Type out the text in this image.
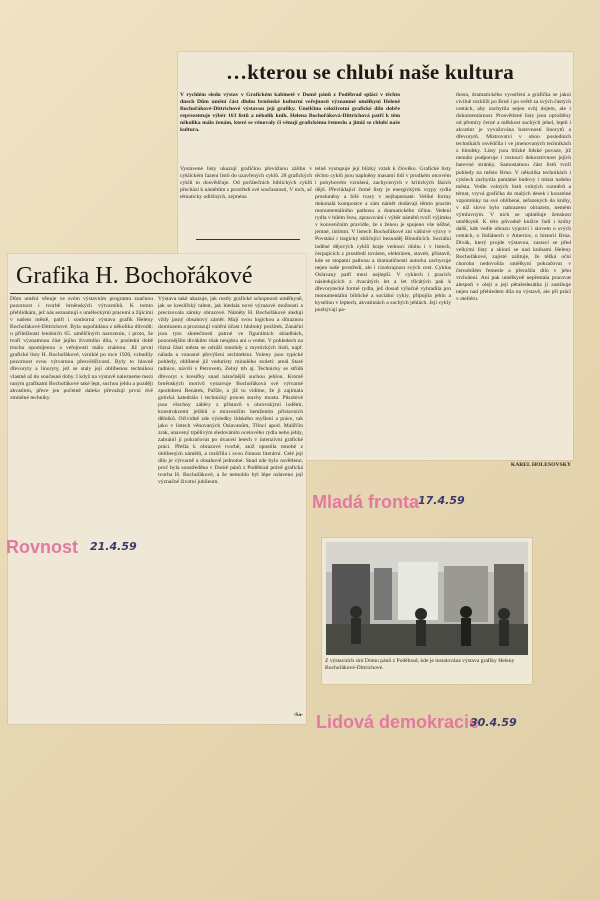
…kterou se chlubí naše kultura
V rychlém sledu výstav v Grafickém kabinetě v Domě pánů z Poděbrad splácí v těchto dnech Dům umění část dluhu brněnské kulturní veřejnosti významné umělkyni Heleně Bochořákové-Dittrichové výstavou její grafiky. Umělčino celoživotní grafické dílo dobře reprezentuje výběr 163 listů a několik knih. Helena Bochořáková-Dittrichová patří k těm několika málo ženám, které se věnovaly či věnují grafickému řemeslu a jimiž se chlubí naše kultura.
Vystavené listy ukazují grafičinu převážnou zálibu v cyklickém řazení listů do uzavřených cyklů. 28 grafických cyklů to dosvědčuje. Od počátečních biblických cyklů přechází k námětům z prostředí své současnosti, V nich, ač tématicky odlišných, zejména
telně vystupuje její blízký vztah k člověku. Grafické listy těchto cyklů jsou naplněny masami lidí v prudkém otcovém i pohybovém vzrušení, zachycených v kritických fázích dějů. Převládající černé listy je energickými vrypy rydla prosluněny a bílé tvary v nejšupernaté. Veliké formy dokonalá komposice a sám námět dodávají těmto pracím monumentálního pathosu a dramatického účinu. Vedení rydla v bílém řezu, zpracování i výběr námětů tvoří výjimku v konvenčním pravidle, že s ženou je spojeno vše něžné, jemné, intimní. V listech Bochořákové zní vášnivé výzvy v Povstání i tragický skličující beznaděj Bloudících. Sociální laděné dějových cyklů hraje vedoucí úlohu i v listech, čerpajících z prostředí továren, elektráren, staveb, přístavů, kde se stopami pathosu a dramatičnosti autorka zachycuje nejen naše prostředí, ale i cizokrajnost svých cest. Cyklus Oslavany patří mezi nejlepší. V cyklech i pracích následujících z dvacátých let a let třicátých pak k dřevorytecké formě rydla, jež dosud výlučně vyhradila pro monumentální biblické a sociální cykly, připojila jehlu a kyselinu v leptech, akvatintách a suchých jehlách. Její cykly pozbývají pa-
thosu, dramatického vyostření a grafička se jakoi civilně rozhlíží po Brně i po světě za svých častých cestách, aby zachytila nejen svůj dojem, ale i dokumentárnost. Prosvětlené listy jsou oproštěny od přemíry černé a měkkost suchých jehel, leptů i akvatint je vyvažována barevností linorytů a dřevorytů. Mistrovství v obou posledních technikách osvědčila i ve jmenovaných technikách z hloubky. Listy jsou blízké lidské povaze, jíž nemálo podporuje i rostoucí dekorativnost jejích barevné stránky. Samostatnou část listů tvoří pohledy na město Brno. V několika technikách i cyklech zachytila památné budovy i místa našeho města. Vedle volných listů volných rozměrů a témat, vryvá grafička do malých desek i kouzelné vzpomínky na své oblíbené, seřazených do knihy, v níž slovo bylo nahrazeno obrazem, nemém výmluvným. V nich se uplatňuje ženskost umělkyně. K této původně knižce řadí i knihy další, kde vedle obrazu vypráví i slovem o svých cestách, o Indiánech v Americe, o historii Brna. Divák, který projde výstavou, zastaví se před velkými listy a skloní se nad knihami Heleny Bochořákové, zajisté zalituje, že těžká oční choroba nedovolila umělkyni pokračovat v černobílém řemesle a přerušila dílo v jeho vrcholení. Ani pak umělkyně nepřestala pracovat alespoň v olejí a její pětašedesátka ji zastihuje nejen nad přehledem díla na výstavě, ale při práci v ateliéru.
KAREL HOLEŠOVSKÝ
Grafika H. Bochořákové
Dům umění věnuje ve svém výstavním programu značnou pozornost i tvorbě brněnských výtvarníků. K tomto přehlídkám, jež nás seznamují s uměleckými pracemi a žijícími v našem městě, patří i souborná výstava grafik Heleny Bochořákové-Dittrichové. Byla uspořádána z několika důvodů: u příležitosti letošních 65. umělčiných narozenin, i proto, že tvoří významnou část jejího životního díla, v poslední době trochu opomíjenou a veřejnosti málo známou. Již první grafické listy H. Bochořákové, vzniklé po roce 1920, vzbudily pozornost svou výtvarnou přesvědčivostí. Byly to hlavně dřevoryty a linoryty, jež se staly její oblíbenou technikou vlastně až do současné doby. I když na výstavě nalezneme mezi raným grafikami Bochořákové také lept, suchou jehlu a později akvatintu, přece jen početně daleko převažují první dvě zmíněné techniky.
Výstava také ukazuje, jak rostly grafické schopnosti umělkyně, jak se kreslířský talent, jak hledala nové výrazové možnosti a precizovala zámky obrazové. Náměty H. Bochořákové sledují vždy jasný obsahový záměr. Mají svou logickou a důraznou dominantu a prozrazují vnitřní účast i hluboký prožitek. Zanáční jsou tyto skutečnosti patrné ve figurálních skladbách, pozornějším divákům však neujdou ani u vedut. V pohledech na různá části města se odráží mnohdy z mystických listů, nápř. nálada a vznosné převýšení architektur. Voleny jsou typické pohledy, oblíbené již veduristy minulého století: areál Staré radnice, návrší s Petrovem, Zelný trh aj. Technicky se střídá dřevoryt s kresířky snad náročnější suchou jehlou. Kromě brněnských motivů vystavuje Bochořáková své výtvarné zpodobení Benátek, Paříže, a již tu vidíme, že ji zajímala gotická katedrála i technický proces stavby mostu. Působivé jsou všechny záběry z přístavů s obrovskými loděmi, konstrukcemi jeřábů a mravenčím hemžením přístavních dělníků. Očividně zde výsledky lidského myšlení a práce, tak jako v listech věnovaných Oslavanům, Třinci apod. Malířčin zrak, unavený trpělivým sledováním ocelového rydla nebo jehly, zabránil jí pokračovat po dvacetí letech v intenzivní grafické práci. Přešla k obrazové tvorbě, aniž opustila mnohé z oblíbených námětů, a rozšířila i svou činnost literární. Celé její dílo je výtvarně a obsahově jednotné. Snad zde bylo osvětleno, proč byla soustředěna v Domě pánů z Poděbrad právě grafická tvorba H. Bochořákové, a že nemohlo být lépe oslaveno její význačné životní jubileum.
-Sa-
Rovnost 21.4.59
Mladá fronta
17.4.59
Lidová demokracie
30.4.59
Z výstavních síní Domu pánů z Poděbrad, kde je instalována výstava grafiky Heleny Bochořákové-Dittrichové.
